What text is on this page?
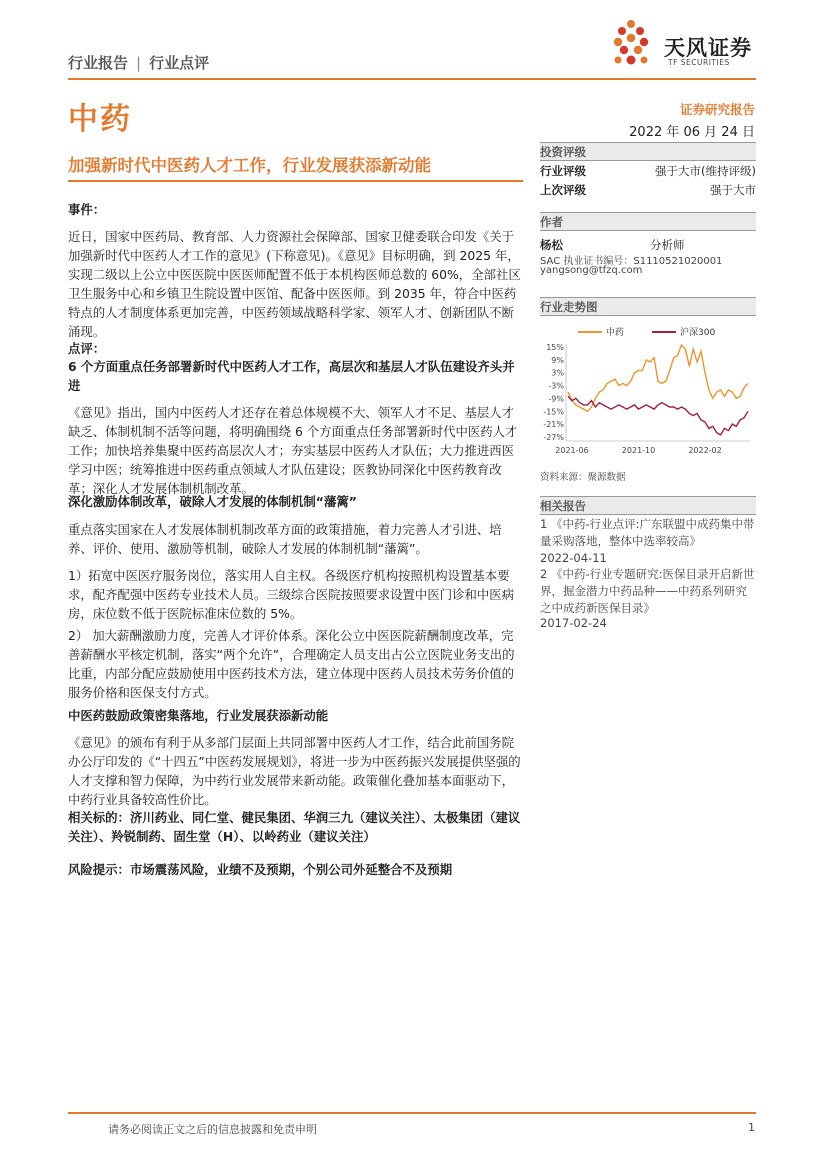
行业报告 | 行业点评
天风证券
TF SECURITIES
中药	证券研究报告
2022 年 06 月 24 日
加强新时代中医药人才工作，行业发展获添新动能
事件：
近日，国家中医药局、教育部、人力资源社会保障部、国家卫健委联合印发《关于加强新时代中医药人才工作的意见》(下称意见)。《意见》目标明确，到 2025 年，实现二级以上公立中医医院中医医师配置不低于本机构医师总数的 60%，全部社区卫生服务中心和乡镇卫生院设置中医馆、配备中医医师。到 2035 年，符合中医药特点的人才制度体系更加完善，中医药领域战略科学家、领军人才、创新团队不断涌现。
点评：
6 个方面重点任务部署新时代中医药人才工作，高层次和基层人才队伍建设齐头并进
《意见》指出，国内中医药人才还存在着总体规模不大、领军人才不足、基层人才缺乏、体制机制不活等问题，将明确围绕 6 个方面重点任务部署新时代中医药人才工作；加快培养集聚中医药高层次人才；夯实基层中医药人才队伍；大力推进西医学习中医；统筹推进中医药重点领域人才队伍建设；医教协同深化中医药教育改革；深化人才发展体制机制改革。
深化激励体制改革，破除人才发展的体制机制“藩篱”
重点落实国家在人才发展体制机制改革方面的政策措施，着力完善人才引进、培养、评价、使用、激励等机制，破除人才发展的体制机制“藩篱”。
1）拓宽中医医疗服务岗位，落实用人自主权。各级医疗机构按照机构设置基本要求，配齐配强中医药专业技术人员。三级综合医院按照要求设置中医门诊和中医病房，床位数不低于医院标准床位数的 5%。
2） 加大薪酬激励力度，完善人才评价体系。深化公立中医医院薪酬制度改革，完善薪酬水平核定机制，落实“两个允许”，合理确定人员支出占公立医院业务支出的比重，内部分配应鼓励使用中医药技术方法，建立体现中医药人员技术劳务价值的服务价格和医保支付方式。
中医药鼓励政策密集落地，行业发展获添新动能
《意见》的颁布有利于从多部门层面上共同部署中医药人才工作，结合此前国务院办公厅印发的《“十四五”中医药发展规划》，将进一步为中医药振兴发展提供坚强的人才支撑和智力保障，为中药行业发展带来新动能。政策催化叠加基本面驱动下，中药行业具备较高性价比。
相关标的：济川药业、同仁堂、健民集团、华润三九（建议关注）、太极集团（建议关注）、羚锐制药、固生堂（H）、以岭药业（建议关注）
风险提示：市场震荡风险，业绩不及预期，个别公司外延整合不及预期
投资评级
行业评级	强于大市(维持评级)
上次评级	强于大市
作者
杨松	分析师
SAC 执业证书编号：S1110521020001
yangsong@tfzq.com
行业走势图
中药	沪深300
15%
9%
3%
-3%
-9%
-15%
-21%
-27%
2021-06	2021-10	2022-02
资料来源：聚源数据
相关报告
1 《中药-行业点评:广东联盟中成药集中带量采购落地，整体中选率较高》
2022-04-11
2 《中药-行业专题研究:医保目录开启新世界，掘金潜力中药品种——中药系列研究之中成药新医保目录》
2017-02-24
请务必阅读正文之后的信息披露和免责申明	1
